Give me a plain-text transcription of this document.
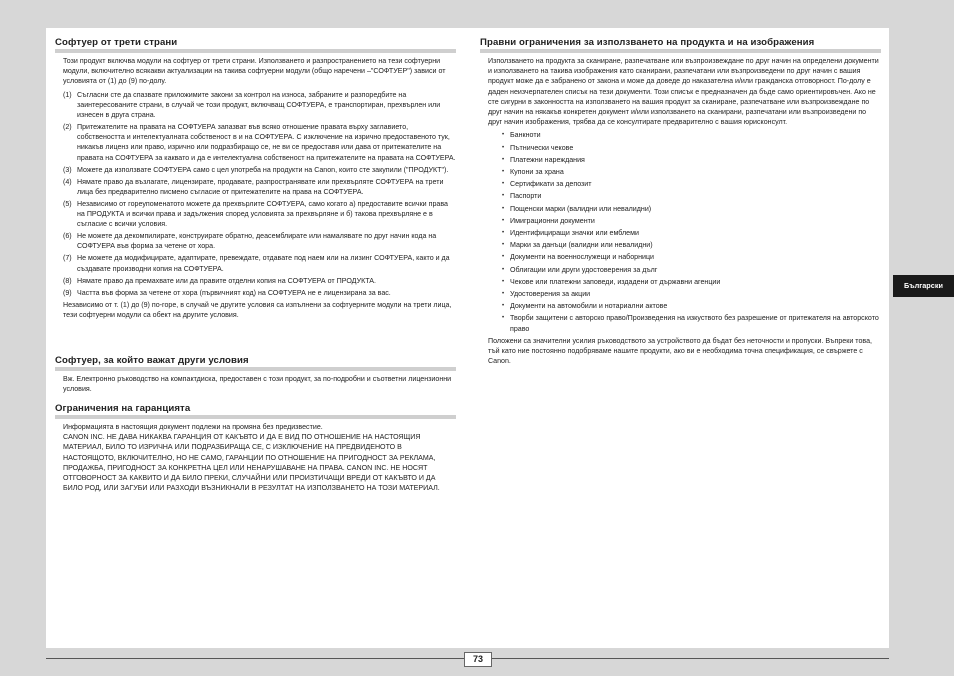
Софтуер от трети страни

Този продукт включва модули на софтуер от трети страни. Използването и разпространението на тези софтуерни модули, включително всякакви актуализации на такива софтуерни модули (общо наречени –"СОФТУЕР") зависи от условията от (1) до (9) по-долу.

(1) Съгласни сте да спазвате приложимите закони за контрол на износа, забраните и разпоредбите на заинтересованите страни, в случай че този продукт, включващ СОФТУЕРА, е транспортиран, прехвърлен или изнесен в друга страна.
(2) Притежателите на правата на СОФТУЕРА запазват във всяко отношение правата върху заглавието, собствеността и интелектуалната собственост в и на СОФТУЕРА. С изключение на изрично предоставеното тук, никакъв лиценз или право, изрично или подразбиращо се, не ви се предоставя или дава от притежателите на правата на СОФТУЕРА за каквато и да е интелектуална собственост на притежателите на правата на СОФТУЕРА.
(3) Можете да използвате СОФТУЕРА само с цел употреба на продукти на Canon, които сте закупили ("ПРОДУКТ").
(4) Нямате право да възлагате, лицензирате, продавате, разпространявате или прехвърляте СОФТУЕРА на трети лица без предварително писмено съгласие от притежателите на права на СОФТУЕРА.
(5) Независимо от гореупоменатото можете да прехвърлите СОФТУЕРА, само когато а) предоставите всички права на ПРОДУКТА и всички права и задължения според условията за прехвърляне и б) такова прехвърляне е в съгласие с всички условия.
(6) Не можете да декомпилирате, конструирате обратно, деасемблирате или намалявате по друг начин кода на СОФТУЕРА във форма за четене от хора.
(7) Не можете да модифицирате, адаптирате, превеждате, отдавате под наем или на лизинг СОФТУЕРА, както и да създавате производни копия на СОФТУЕРА.
(8) Нямате право да премахвате или да правите отделни копия на СОФТУЕРА от ПРОДУКТА.
(9) Частта във форма за четене от хора (първичният код) на СОФТУЕРА не е лицензирана за вас.

Независимо от т. (1) до (9) по-горе, в случай че другите условия са изпълнени за софтуерните модули на трети лица, тези софтуерни модули са обект на другите условия.

Софтуер, за който важат други условия

Вж. Електронно ръководство на компактдиска, предоставен с този продукт, за по-подробни и съответни лицензионни условия.

Ограничения на гаранцията

Информацията в настоящия документ подлежи на промяна без предизвестие.

CANON INC. НЕ ДАВА НИКАКВА ГАРАНЦИЯ ОТ КАКЪВТО И ДА Е ВИД ПО ОТНОШЕНИЕ НА НАСТОЯЩИЯ МАТЕРИАЛ, БИЛО ТО ИЗРИЧНА ИЛИ ПОДРАЗБИРАЩА СЕ, С ИЗКЛЮЧЕНИЕ НА ПРЕДВИДЕНОТО В НАСТОЯЩОТО, ВКЛЮЧИТЕЛНО, НО НЕ САМО, ГАРАНЦИИ ПО ОТНОШЕНИЕ НА ПРИГОДНОСТ ЗА РЕКЛАМА, ПРОДАЖБА, ПРИГОДНОСТ ЗА КОНКРЕТНА ЦЕЛ ИЛИ НЕНАРУШАВАНЕ НА ПРАВА. CANON INC. НЕ НОСЯТ ОТГОВОРНОСТ ЗА КАКВИТО И ДА БИЛО ПРЕКИ, СЛУЧАЙНИ ИЛИ ПРОИЗТИЧАЩИ ВРЕДИ ОТ КАКЪВТО И ДА БИЛО РОД, ИЛИ ЗАГУБИ ИЛИ РАЗХОДИ ВЪЗНИКНАЛИ В РЕЗУЛТАТ НА ИЗПОЛЗВАНЕТО НА ТОЗИ МАТЕРИАЛ.

Правни ограничения за използването на продукта и на изображения

Използването на продукта за сканиране, разпечатване или възпроизвеждане по друг начин на определени документи и използването на такива изображения като сканирани, разпечатани или възпроизведени по друг начин с вашия продукт може да е забранено от закона и може да доведе до наказателна и/или гражданска отговорност. По-долу е даден неизчерпателен списък на тези документи. Този списък е предназначен да бъде само ориентировъчен. Ако не сте сигурни в законността на използването на вашия продукт за сканиране, разпечатване или възпроизвеждане по друг начин на някакъв конкретен документ и/или използването на сканирани, разпечатани или възпроизведени по друг начин изображения, трябва да се консултирате предварително с вашия юрисконсулт.

• Банкноти
• Пътнически чекове
• Платежни нареждания
• Купони за храна
• Сертификати за депозит
• Паспорти
• Пощенски марки (валидни или невалидни)
• Имиграционни документи
• Идентифициращи значки или емблеми
• Марки за данъци (валидни или невалидни)
• Документи на военнослужещи и наборници
• Облигации или други удостоверения за дълг
• Чекове или платежни заповеди, издадени от държавни агенции
• Удостоверения за акции
• Документи на автомобили и нотариални актове
• Творби защитени с авторско право/Произведения на изкуството без разрешение от притежателя на авторското право

Положени са значителни усилия ръководството за устройството да бъдат без неточности и пропуски. Въпреки това, тъй като ние постоянно подобряваме нашите продукти, ако ви е необходима точна спецификация, се свържете с Canon.

Български
73
